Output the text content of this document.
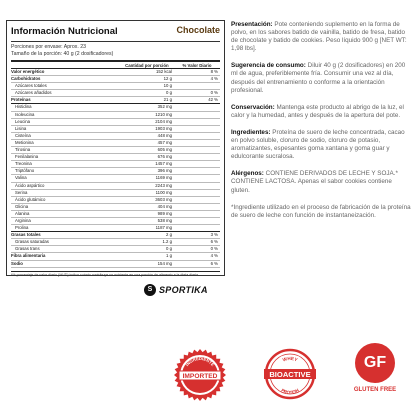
Información Nutricional	Chocolate
Porciones por envase: Aprox. 23
Tamaño de la porción: 40 g (2 dosificadores)
	Cantidad por porción	% Valor Diario
Valor energético	152 kcal	8 %
Carbohidratos	12 g	4 %
Azúcares totales	10 g	
Azúcares añadidos	0 g	0 %
Proteínas	21 g	42 %
Histidina	352 mg	
Isoleucina	1210 mg	
Leucina	2104 mg	
Lisina	1903 mg	
Cisteína	448 mg	
Metionina	457 mg	
Tirosina	605 mg	
Fenilalanina	676 mg	
Treonina	1457 mg	
Triptófano	396 mg	
Valina	1169 mg	
Ácido aspártico	2243 mg	
Serina	1100 mg	
Ácido glutámico	3603 mg	
Glicina	404 mg	
Alanina	989 mg	
Arginina	538 mg	
Prolina	1187 mg	
Grasas totales	2 g	3 %
Grasas saturadas	1.2 g	6 %
Grasas trans	0 g	0 %
Fibra alimentaria	1 g	4 %
Sodio	154 mg	6 %
*% porcentaje de valor diario (%VD) indica cuánto contribuye un nutriente en una porción de alimento a la dieta diaria.
S SPORTIKA

Presentación: Pote conteniendo suplemento en la forma de polvo, en los sabores batido de vainilla, batido de fresa, batido de chocolate y batido de cookies. Peso líquido 900 g [NET WT: 1,98 lbs].

Sugerencia de consumo: Diluir 40 g (2 dosificadores) en 200 ml de agua, preferiblemente fría. Consumir una vez al día, después del entrenamiento o conforme a la orientación profesional.

Conservación: Mantenga este producto al abrigo de la luz, el calor y la humedad, antes y después de la apertura del pote.

Ingredientes: Proteína de suero de leche concentrada, cacao en polvo soluble, cloruro de sodio, cloruro de potasio, aromatizantes, espesantes goma xantana y goma guar y edulcorante sucralosa.

Alérgenos: CONTIENE DERIVADOS DE LECHE Y SOJA.* CONTIENE LACTOSA. Apenas el sabor cookies contiene gluten.

*Ingrediente utilizado en el proceso de fabricación de la proteína de suero de leche con función de instantaneización.

INGREDIENTE
IMPORTED
WHEY
BIOACTIVE
PROTEIN
GF
GLUTEN FREE
